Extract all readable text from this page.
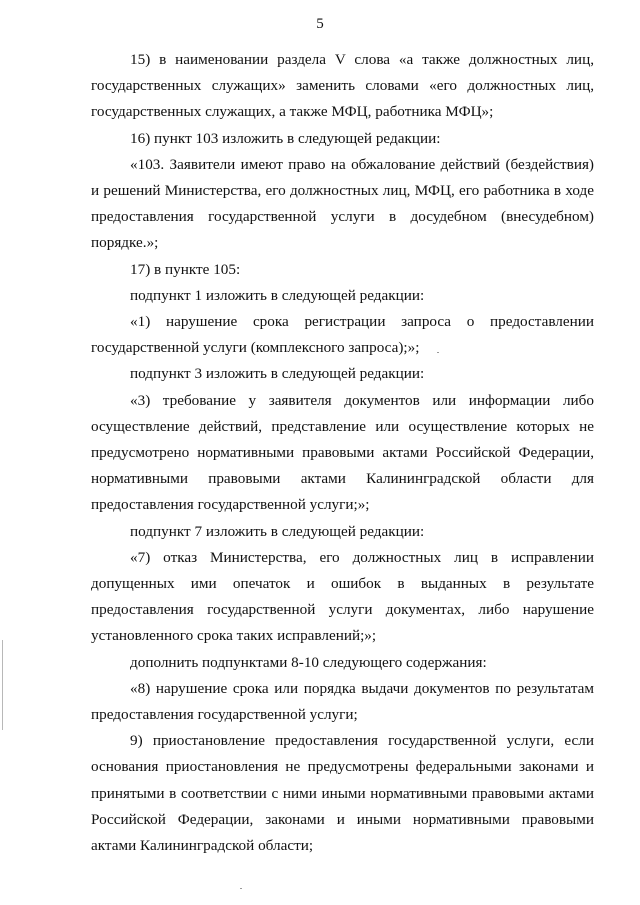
5

15) в наименовании раздела V слова «а также должностных лиц, государственных служащих» заменить словами «его должностных лиц, государственных служащих, а также МФЦ, работника МФЦ»;

16) пункт 103 изложить в следующей редакции:

«103. Заявители имеют право на обжалование действий (бездействия) и решений Министерства, его должностных лиц, МФЦ, его работника в ходе предоставления государственной услуги в досудебном (внесудебном) порядке.»;

17) в пункте 105:

подпункт 1 изложить в следующей редакции:

«1) нарушение срока регистрации запроса о предоставлении государственной услуги (комплексного запроса);»;

подпункт 3 изложить в следующей редакции:

«3) требование у заявителя документов или информации либо осуществление действий, представление или осуществление которых не предусмотрено нормативными правовыми актами Российской Федерации, нормативными правовыми актами Калининградской области для предоставления государственной услуги;»;

подпункт 7 изложить в следующей редакции:

«7) отказ Министерства, его должностных лиц в исправлении допущенных ими опечаток и ошибок в выданных в результате предоставления государственной услуги документах, либо нарушение установленного срока таких исправлений;»;

дополнить подпунктами 8-10 следующего содержания:

«8) нарушение срока или порядка выдачи документов по результатам предоставления государственной услуги;

9) приостановление предоставления государственной услуги, если основания приостановления не предусмотрены федеральными законами и принятыми в соответствии с ними иными нормативными правовыми актами Российской Федерации, законами и иными нормативными правовыми актами Калининградской области;
